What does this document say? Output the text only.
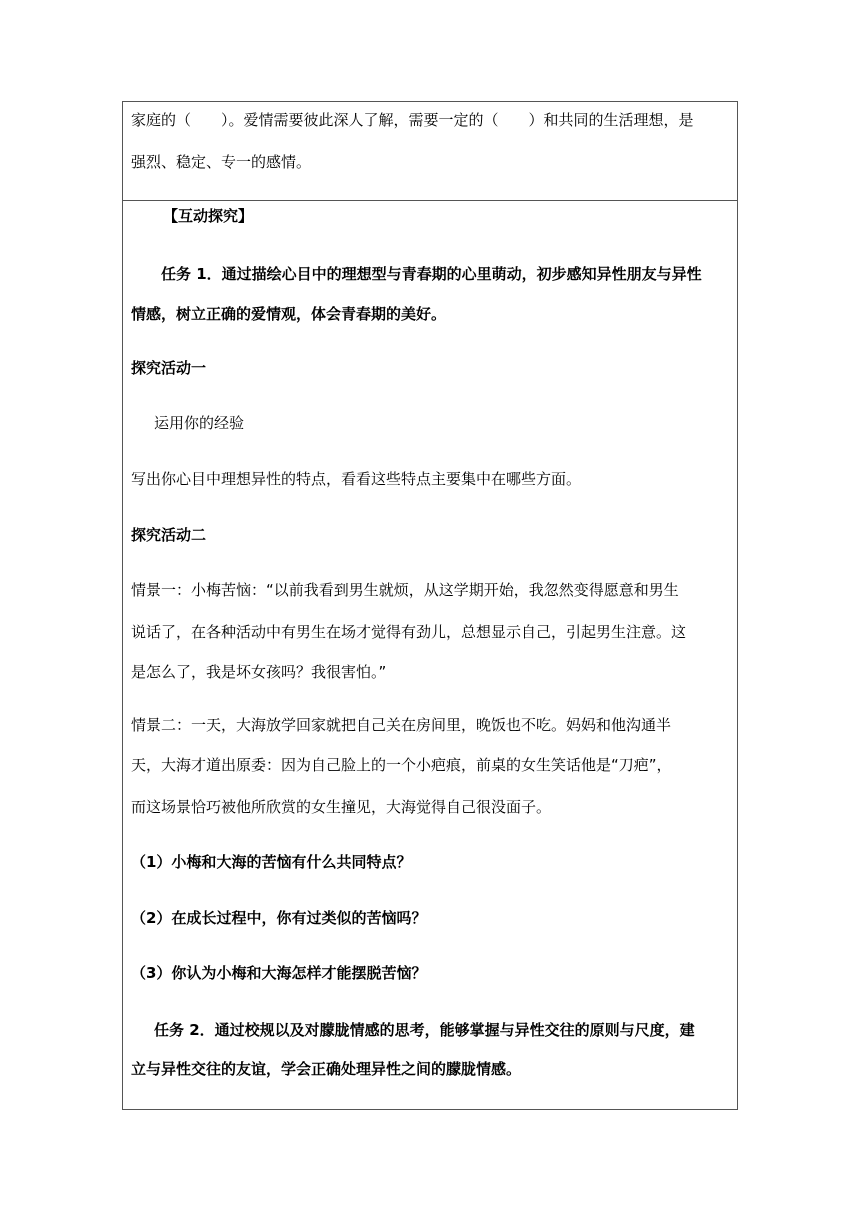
家庭的（　　）。爱情需要彼此深人了解，需要一定的（　　）和共同的生活理想，是
强烈、稳定、专一的感情。
【互动探究】
任务 1．通过描绘心目中的理想型与青春期的心里萌动，初步感知异性朋友与异性
情感，树立正确的爱情观，体会青春期的美好。
探究活动一
运用你的经验
写出你心目中理想异性的特点，看看这些特点主要集中在哪些方面。
探究活动二
情景一：小梅苦恼：“以前我看到男生就烦，从这学期开始，我忽然变得愿意和男生
说话了，在各种活动中有男生在场才觉得有劲儿，总想显示自己，引起男生注意。这
是怎么了，我是坏女孩吗？我很害怕。”
情景二：一天，大海放学回家就把自己关在房间里，晚饭也不吃。妈妈和他沟通半
天，大海才道出原委：因为自己脸上的一个小疤痕，前桌的女生笑话他是“刀疤”，
而这场景恰巧被他所欣赏的女生撞见，大海觉得自己很没面子。
（1）小梅和大海的苦恼有什么共同特点？
（2）在成长过程中，你有过类似的苦恼吗？
（3）你认为小梅和大海怎样才能摆脱苦恼？
任务 2．通过校规以及对朦胧情感的思考，能够掌握与异性交往的原则与尺度，建
立与异性交往的友谊，学会正确处理异性之间的朦胧情感。
